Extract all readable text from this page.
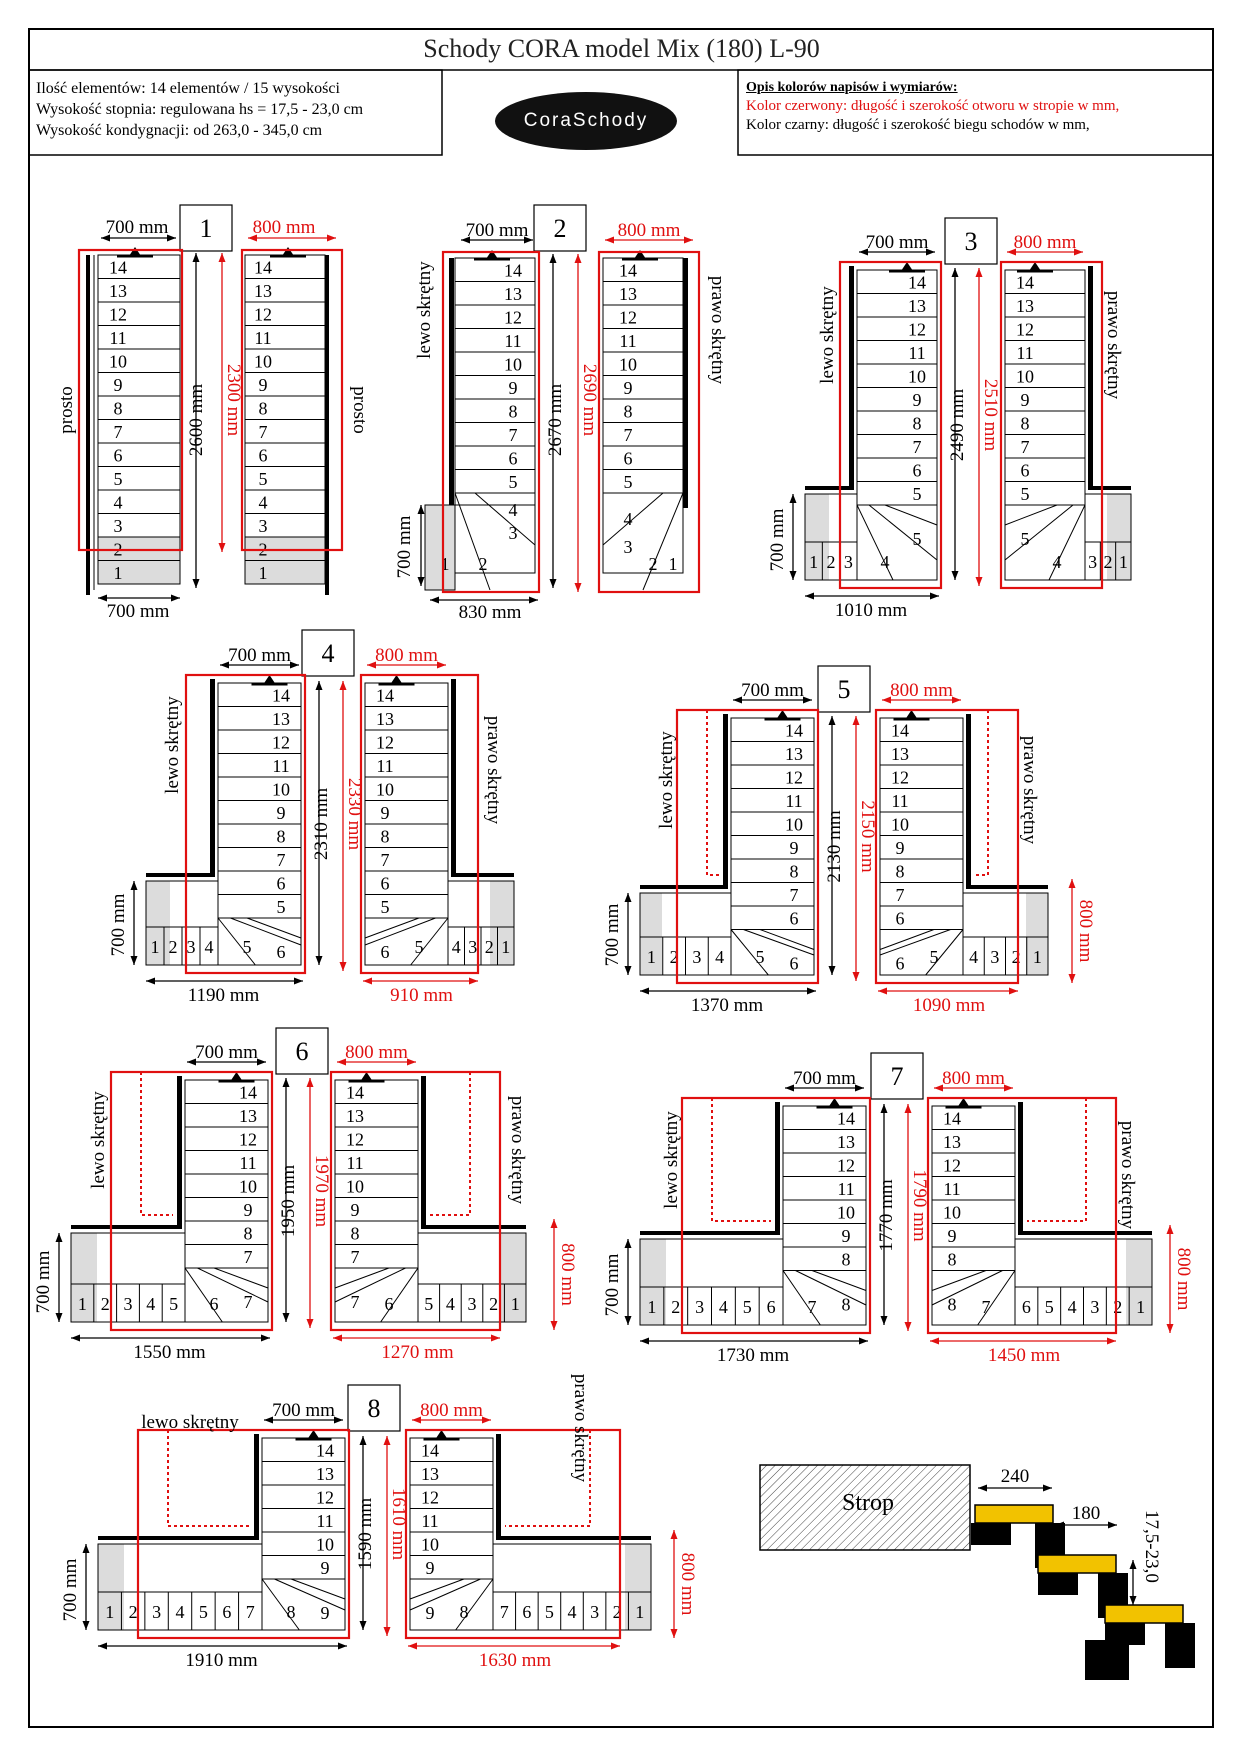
1
14
13
12
11
10
9
8
7
6
5
4
3
2
1
700 mm
2600 mm 2300 mm
700 mm
prosto
14
13
12
11
10
9
8
7
6
5
4
3
2
1
800 mm
prosto
2
14
13
12
11
10
9
8
7
6
5
4
3
1 2
700 mm
2670 mm 2690 mm
700 mm
830 mm
lewo skrętny	14
13
12
11
10
9
8
7
6
5
4
3
2 1
800 mm
prawo skrętny
3
14
13
12
11
10
9
8
7
6
5
1 2 3 4
5
700 mm
2490 mm 2510 mm
700 mm
1010 mm
lewo skrętny
14
13
12
11
10
9
8
7
6
5
1
2
3
4
5
800 mm
prawo skrętny
4
14
13
12
11
10
9
8
7
6
5
1 2 3 4 5 6
700 mm
2310 mm 2330 mm
700 mm
1190 mm
lewo skrętny
14
13
12
11
10
9
8
7
6
5
1
2
3
4
5
6
800 mm
910 mm
prawo skrętny
5
14
13
12
11
10
9
8
7
6
1 2 3 4 5 6
700 mm
2130 mm 2150 mm
700 mm
1370 mm
lewo skrętny
14
13
12
11
10
9
8
7
6
1
2
3
4
5
6
800 mm
1090 mm
800 mm
prawo skrętny
6
14
13
12
11
10
9
8
7
1 2 3 4 5 6 7
700 mm
1950 mm 1970 mm
700 mm
1550 mm
lewo skrętny	14
13
12
11
10
9
8
7
1
2
3
4
5
6
7
800 mm
1270 mm
800 mm
prawo skrętny
7
14
13
12
11
10
9
8
1 2 3 4 5 6 7 8
700 mm
1770 mm 1790 mm
700 mm
1730 mm
lewo skrętny	14
13
12
11
10
9
8
1
2
3
4
5
6
7
8
800 mm
1450 mm
800 mm
prawo skrętny
8
14
13
12
11
10
9
1 2 3 4 5 6 7 8 9
700 mm
1590 mm 1610 mm
700 mm
1910 mm
lewo skrętny
14
13
12
11
10
9
1
2
3
4
5
6
7
8
9
800 mm
1630 mm
800 mm
prawo skrętny
Strop
240
180
60	17,5-23,0
Schody CORA model Mix (180) L-90
Ilość elementów: 14 elementów / 15 wysokości
Wysokość stopnia: regulowana hs = 17,5 - 23,0 cm
Wysokość kondygnacji: od 263,0 - 345,0 cm	CoraSchody
Opis kolorów napisów i wymiarów:
Kolor czerwony: długość i szerokość otworu w stropie w mm,
Kolor czarny: długość i szerokość biegu schodów w mm,
